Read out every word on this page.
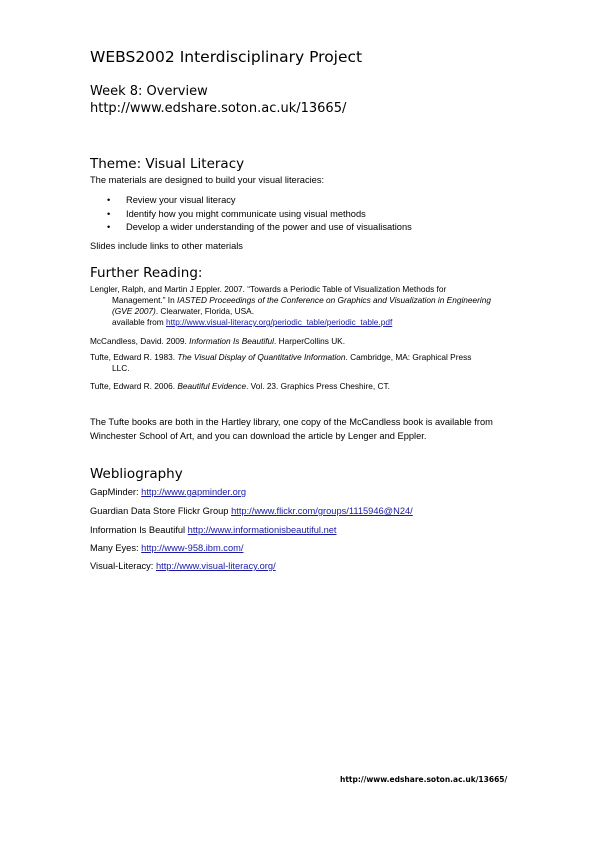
WEBS2002 Interdisciplinary Project
Week 8: Overview
http://www.edshare.soton.ac.uk/13665/
Theme: Visual Literacy
The materials are designed to build your visual literacies:
• Review your visual literacy
• Identify how you might communicate using visual methods
• Develop a wider understanding of the power and use of visualisations
Slides include links to other materials
Further Reading:
Lengler, Ralph, and Martin J Eppler. 2007. “Towards a Periodic Table of Visualization Methods for
Management.” In IASTED Proceedings of the Conference on Graphics and Visualization in Engineering
(GVE 2007). Clearwater, Florida, USA.
available from http://www.visual-literacy.org/periodic_table/periodic_table.pdf
McCandless, David. 2009. Information Is Beautiful. HarperCollins UK.
Tufte, Edward R. 1983. The Visual Display of Quantitative Information. Cambridge, MA: Graphical Press
LLC.
Tufte, Edward R. 2006. Beautiful Evidence. Vol. 23. Graphics Press Cheshire, CT.
The Tufte books are both in the Hartley library, one copy of the McCandless book is available from Winchester School of Art, and you can download the article by Lenger and Eppler.
Webliography
GapMinder: http://www.gapminder.org
Guardian Data Store Flickr Group http://www.flickr.com/groups/1115946@N24/
Information Is Beautiful http://www.informationisbeautiful.net
Many Eyes: http://www-958.ibm.com/
Visual-Literacy: http://www.visual-literacy.org/
http://www.edshare.soton.ac.uk/13665/
